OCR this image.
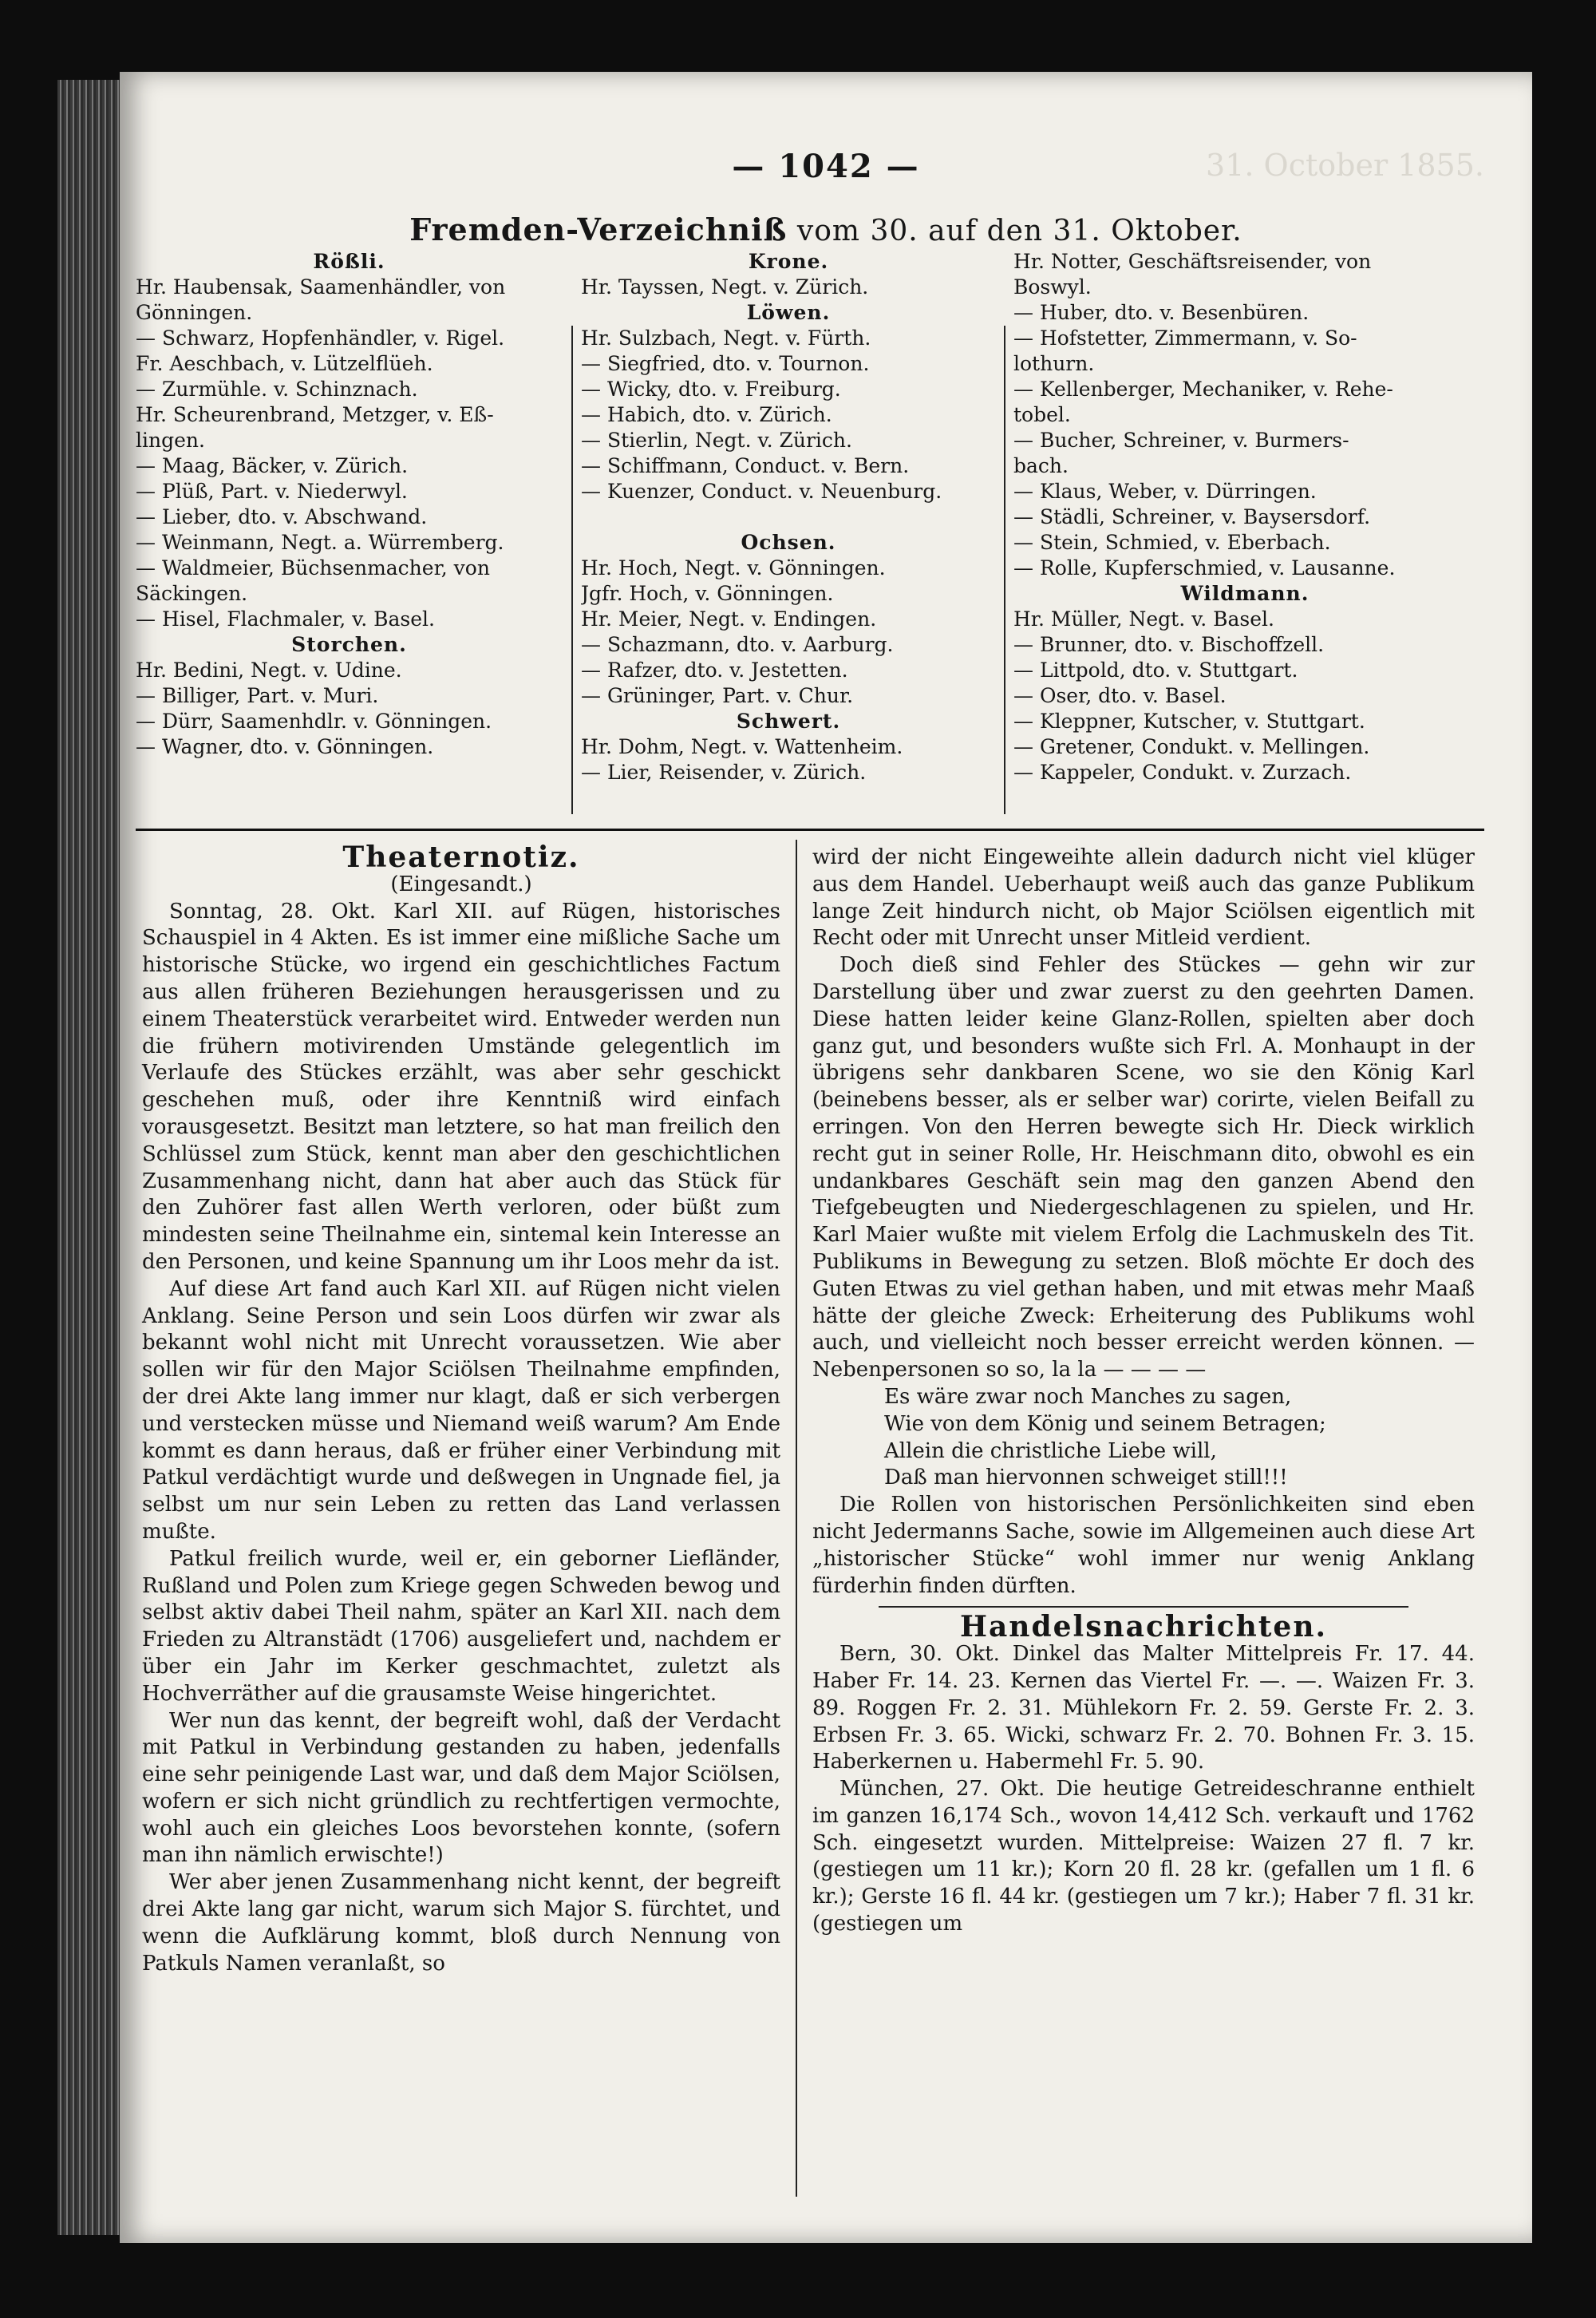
31. October 1855.
— 1042 —
Fremden-Verzeichniß vom 30. auf den 31. Oktober.
Rößli.
Hr. Haubensak, Saamenhändler, von
Gönningen.
— Schwarz, Hopfenhändler, v. Rigel.
Fr. Aeschbach, v. Lützelflüeh.
— Zurmühle. v. Schinznach.
Hr. Scheurenbrand, Metzger, v. Eß-
lingen.
— Maag, Bäcker, v. Zürich.
— Plüß, Part. v. Niederwyl.
— Lieber, dto. v. Abschwand.
— Weinmann, Negt. a. Würremberg.
— Waldmeier, Büchsenmacher, von
Säckingen.
— Hisel, Flachmaler, v. Basel.
Storchen.
Hr. Bedini, Negt. v. Udine.
— Billiger, Part. v. Muri.
— Dürr, Saamenhdlr. v. Gönningen.
— Wagner, dto. v. Gönningen.
Krone.
Hr. Tayssen, Negt. v. Zürich.
Löwen.
Hr. Sulzbach, Negt. v. Fürth.
— Siegfried, dto. v. Tournon.
— Wicky, dto. v. Freiburg.
— Habich, dto. v. Zürich.
— Stierlin, Negt. v. Zürich.
— Schiffmann, Conduct. v. Bern.
— Kuenzer, Conduct. v. Neuenburg.
Ochsen.
Hr. Hoch, Negt. v. Gönningen.
Jgfr. Hoch, v. Gönningen.
Hr. Meier, Negt. v. Endingen.
— Schazmann, dto. v. Aarburg.
— Rafzer, dto. v. Jestetten.
— Grüninger, Part. v. Chur.
Schwert.
Hr. Dohm, Negt. v. Wattenheim.
— Lier, Reisender, v. Zürich.
Hr. Notter, Geschäftsreisender, von
Boswyl.
— Huber, dto. v. Besenbüren.
— Hofstetter, Zimmermann, v. So-
lothurn.
— Kellenberger, Mechaniker, v. Rehe-
tobel.
— Bucher, Schreiner, v. Burmers-
bach.
— Klaus, Weber, v. Dürringen.
— Städli, Schreiner, v. Baysersdorf.
— Stein, Schmied, v. Eberbach.
— Rolle, Kupferschmied, v. Lausanne.
Wildmann.
Hr. Müller, Negt. v. Basel.
— Brunner, dto. v. Bischoffzell.
— Littpold, dto. v. Stuttgart.
— Oser, dto. v. Basel.
— Kleppner, Kutscher, v. Stuttgart.
— Gretener, Condukt. v. Mellingen.
— Kappeler, Condukt. v. Zurzach.
Theaternotiz.
(Eingesandt.)

Sonntag, 28. Okt. Karl XII. auf Rügen, historisches Schauspiel in 4 Akten. Es ist immer eine mißliche Sache um historische Stücke, wo irgend ein geschichtliches Factum aus allen früheren Beziehungen herausgerissen und zu einem Theaterstück verarbeitet wird. Entweder werden nun die frühern motivirenden Umstände gelegentlich im Verlaufe des Stückes erzählt, was aber sehr geschickt geschehen muß, oder ihre Kenntniß wird einfach vorausgesetzt. Besitzt man letztere, so hat man freilich den Schlüssel zum Stück, kennt man aber den geschichtlichen Zusammenhang nicht, dann hat aber auch das Stück für den Zuhörer fast allen Werth verloren, oder büßt zum mindesten seine Theilnahme ein, sintemal kein Interesse an den Personen, und keine Spannung um ihr Loos mehr da ist.

Auf diese Art fand auch Karl XII. auf Rügen nicht vielen Anklang. Seine Person und sein Loos dürfen wir zwar als bekannt wohl nicht mit Unrecht voraussetzen. Wie aber sollen wir für den Major Sciölsen Theilnahme empfinden, der drei Akte lang immer nur klagt, daß er sich verbergen und verstecken müsse und Niemand weiß warum? Am Ende kommt es dann heraus, daß er früher einer Verbindung mit Patkul verdächtigt wurde und deßwegen in Ungnade fiel, ja selbst um nur sein Leben zu retten das Land verlassen mußte.

Patkul freilich wurde, weil er, ein geborner Liefländer, Rußland und Polen zum Kriege gegen Schweden bewog und selbst aktiv dabei Theil nahm, später an Karl XII. nach dem Frieden zu Altranstädt (1706) ausgeliefert und, nachdem er über ein Jahr im Kerker geschmachtet, zuletzt als Hochverräther auf die grausamste Weise hingerichtet.

Wer nun das kennt, der begreift wohl, daß der Verdacht mit Patkul in Verbindung gestanden zu haben, jedenfalls eine sehr peinigende Last war, und daß dem Major Sciölsen, wofern er sich nicht gründlich zu rechtfertigen vermochte, wohl auch ein gleiches Loos bevorstehen konnte, (sofern man ihn nämlich erwischte!)

Wer aber jenen Zusammenhang nicht kennt, der begreift drei Akte lang gar nicht, warum sich Major S. fürchtet, und wenn die Aufklärung kommt, bloß durch Nennung von Patkuls Namen veranlaßt, so

wird der nicht Eingeweihte allein dadurch nicht viel klüger aus dem Handel. Ueberhaupt weiß auch das ganze Publikum lange Zeit hindurch nicht, ob Major Sciölsen eigentlich mit Recht oder mit Unrecht unser Mitleid verdient.

Doch dieß sind Fehler des Stückes — gehn wir zur Darstellung über und zwar zuerst zu den geehrten Damen. Diese hatten leider keine Glanz-Rollen, spielten aber doch ganz gut, und besonders wußte sich Frl. A. Monhaupt in der übrigens sehr dankbaren Scene, wo sie den König Karl (beinebens besser, als er selber war) corirte, vielen Beifall zu erringen. Von den Herren bewegte sich Hr. Dieck wirklich recht gut in seiner Rolle, Hr. Heischmann dito, obwohl es ein undankbares Geschäft sein mag den ganzen Abend den Tiefgebeugten und Niedergeschlagenen zu spielen, und Hr. Karl Maier wußte mit vielem Erfolg die Lachmuskeln des Tit. Publikums in Bewegung zu setzen. Bloß möchte Er doch des Guten Etwas zu viel gethan haben, und mit etwas mehr Maaß hätte der gleiche Zweck: Erheiterung des Publikums wohl auch, und vielleicht noch besser erreicht werden können. — Nebenpersonen so so, la la — — — —

Es wäre zwar noch Manches zu sagen,
Wie von dem König und seinem Betragen;
Allein die christliche Liebe will,
Daß man hiervonnen schweiget still!!!

Die Rollen von historischen Persönlichkeiten sind eben nicht Jedermanns Sache, sowie im Allgemeinen auch diese Art „historischer Stücke“ wohl immer nur wenig Anklang fürderhin finden dürften.

Handelsnachrichten.

Bern, 30. Okt. Dinkel das Malter Mittelpreis Fr. 17. 44. Haber Fr. 14. 23. Kernen das Viertel Fr. —. —. Waizen Fr. 3. 89. Roggen Fr. 2. 31. Mühlekorn Fr. 2. 59. Gerste Fr. 2. 3. Erbsen Fr. 3. 65. Wicki, schwarz Fr. 2. 70. Bohnen Fr. 3. 15. Haberkernen u. Habermehl Fr. 5. 90.

München, 27. Okt. Die heutige Getreideschranne enthielt im ganzen 16,174 Sch., wovon 14,412 Sch. verkauft und 1762 Sch. eingesetzt wurden. Mittelpreise: Waizen 27 fl. 7 kr. (gestiegen um 11 kr.); Korn 20 fl. 28 kr. (gefallen um 1 fl. 6 kr.); Gerste 16 fl. 44 kr. (gestiegen um 7 kr.); Haber 7 fl. 31 kr. (gestiegen um
